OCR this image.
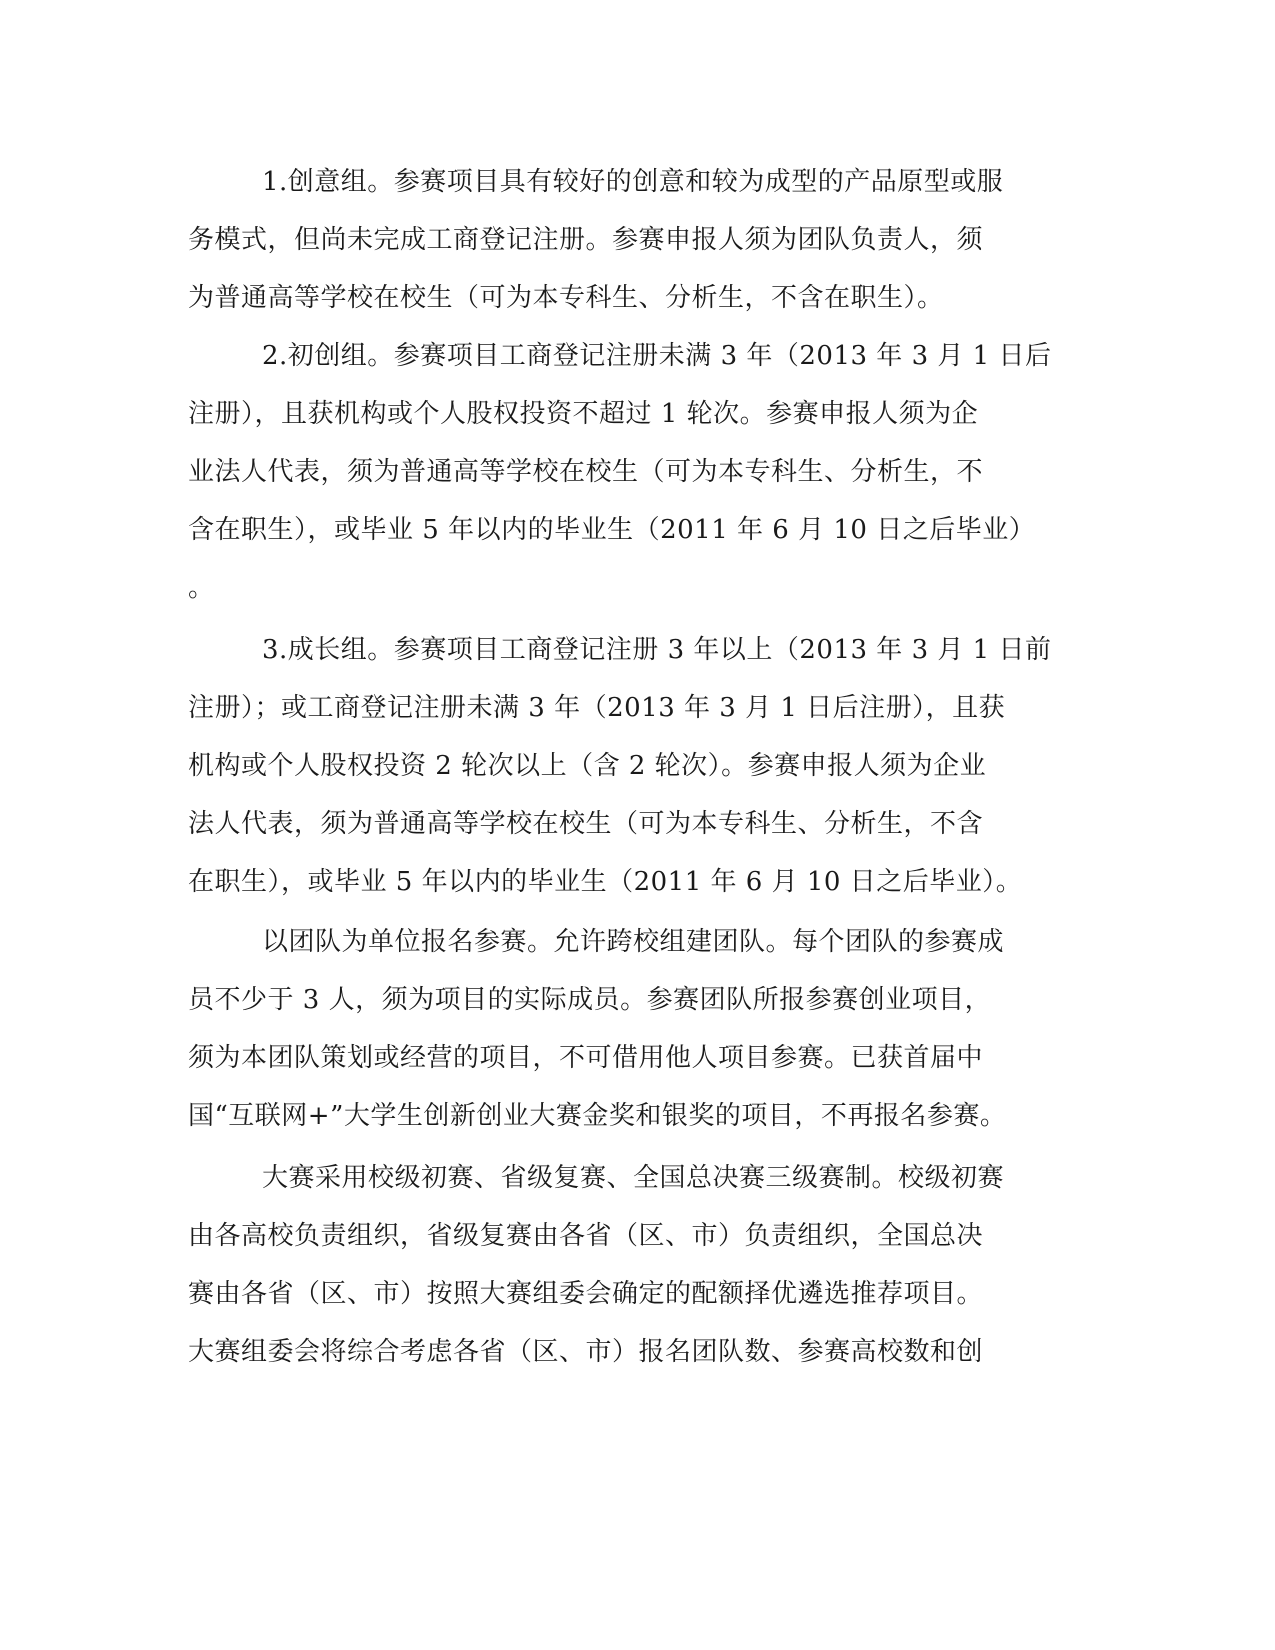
1.创意组。参赛项目具有较好的创意和较为成型的产品原型或服
务模式，但尚未完成工商登记注册。参赛申报人须为团队负责人，须
为普通高等学校在校生（可为本专科生、分析生，不含在职生）。
2.初创组。参赛项目工商登记注册未满 3 年（2013 年 3 月 1 日后
注册），且获机构或个人股权投资不超过 1 轮次。参赛申报人须为企
业法人代表，须为普通高等学校在校生（可为本专科生、分析生，不
含在职生），或毕业 5 年以内的毕业生（2011 年 6 月 10 日之后毕业）
。
3.成长组。参赛项目工商登记注册 3 年以上（2013 年 3 月 1 日前
注册）；或工商登记注册未满 3 年（2013 年 3 月 1 日后注册），且获
机构或个人股权投资 2 轮次以上（含 2 轮次）。参赛申报人须为企业
法人代表，须为普通高等学校在校生（可为本专科生、分析生，不含
在职生），或毕业 5 年以内的毕业生（2011 年 6 月 10 日之后毕业）。
以团队为单位报名参赛。允许跨校组建团队。每个团队的参赛成
员不少于 3 人，须为项目的实际成员。参赛团队所报参赛创业项目，
须为本团队策划或经营的项目，不可借用他人项目参赛。已获首届中
国“互联网+”大学生创新创业大赛金奖和银奖的项目，不再报名参赛。
大赛采用校级初赛、省级复赛、全国总决赛三级赛制。校级初赛
由各高校负责组织，省级复赛由各省（区、市）负责组织，全国总决
赛由各省（区、市）按照大赛组委会确定的配额择优遴选推荐项目。
大赛组委会将综合考虑各省（区、市）报名团队数、参赛高校数和创
